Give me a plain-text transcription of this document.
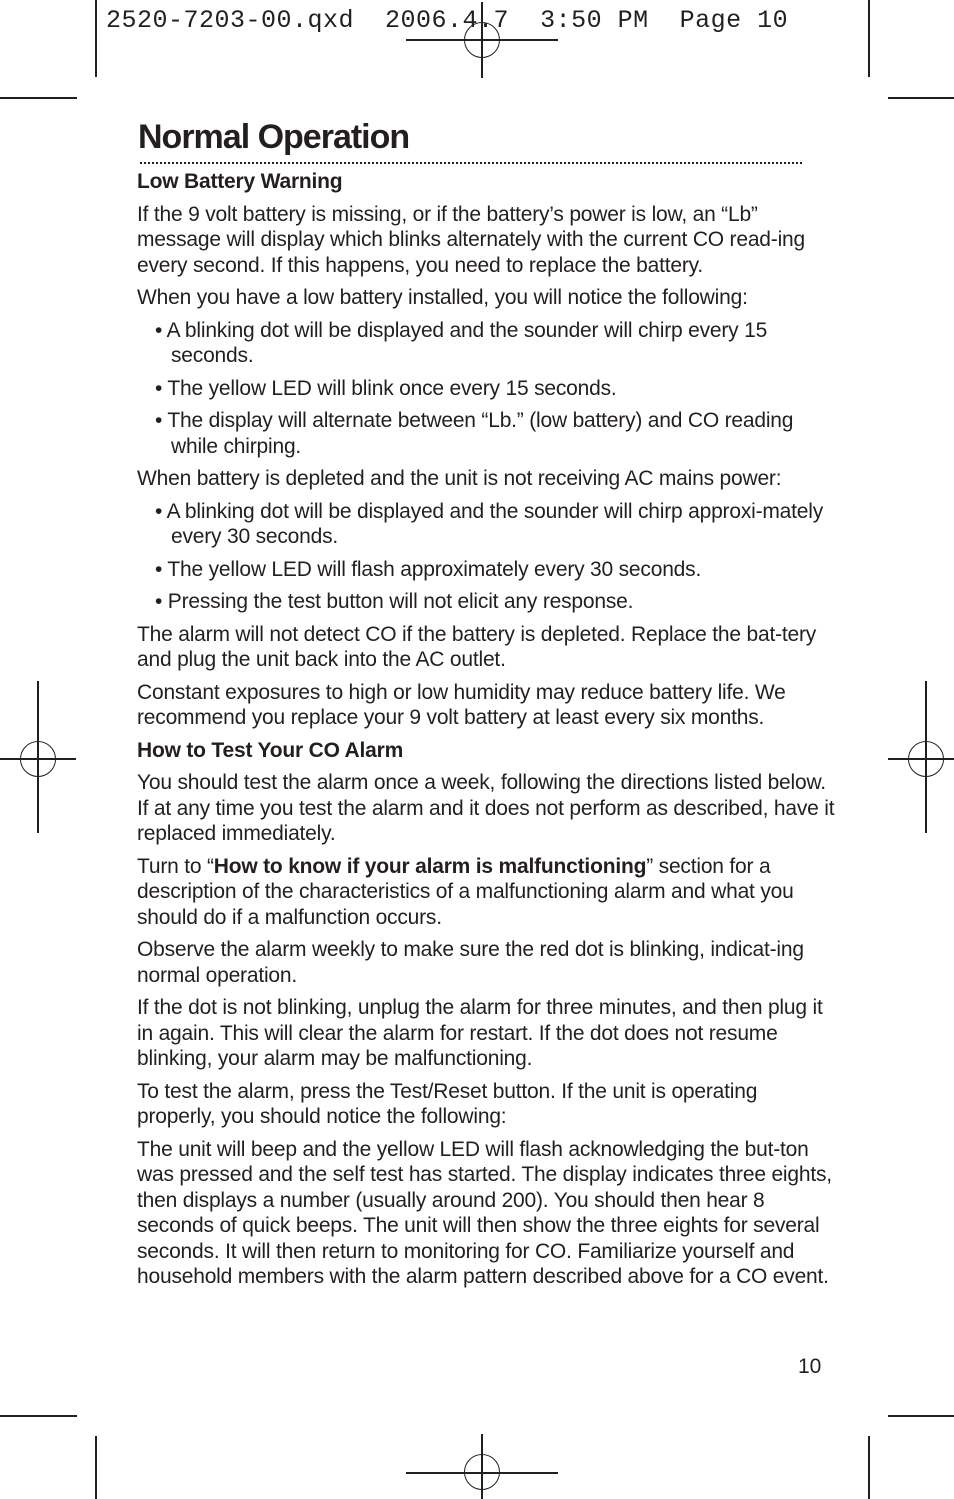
2520-7203-00.qxd  2006.4.7  3:50 PM  Page 10
Normal Operation
Low Battery Warning

If the 9 volt battery is missing, or if the battery’s power is low, an “Lb” message will display which blinks alternately with the current CO read-ing every second. If this happens, you need to replace the battery.

When you have a low battery installed, you will notice the following:

• A blinking dot will be displayed and the sounder will chirp every 15 seconds.
• The yellow LED will blink once every 15 seconds.
• The display will alternate between “Lb.” (low battery) and CO reading while chirping.

When battery is depleted and the unit is not receiving AC mains power:

• A blinking dot will be displayed and the sounder will chirp approxi-mately every 30 seconds.
• The yellow LED will flash approximately every 30 seconds.
• Pressing the test button will not elicit any response.

The alarm will not detect CO if the battery is depleted. Replace the bat-tery and plug the unit back into the AC outlet.

Constant exposures to high or low humidity may reduce battery life. We recommend you replace your 9 volt battery at least every six months.

How to Test Your CO Alarm

You should test the alarm once a week, following the directions listed below. If at any time you test the alarm and it does not perform as described, have it replaced immediately.

Turn to “How to know if your alarm is malfunctioning” section for a description of the characteristics of a malfunctioning alarm and what you should do if a malfunction occurs.

Observe the alarm weekly to make sure the red dot is blinking, indicat-ing normal operation.

If the dot is not blinking, unplug the alarm for three minutes, and then plug it in again. This will clear the alarm for restart. If the dot does not resume blinking, your alarm may be malfunctioning.

To test the alarm, press the Test/Reset button. If the unit is operating properly, you should notice the following:

The unit will beep and the yellow LED will flash acknowledging the but-ton was pressed and the self test has started. The display indicates three eights, then displays a number (usually around 200). You should then hear 8 seconds of quick beeps. The unit will then show the three eights for several seconds. It will then return to monitoring for CO. Familiarize yourself and household members with the alarm pattern described above for a CO event.

10
